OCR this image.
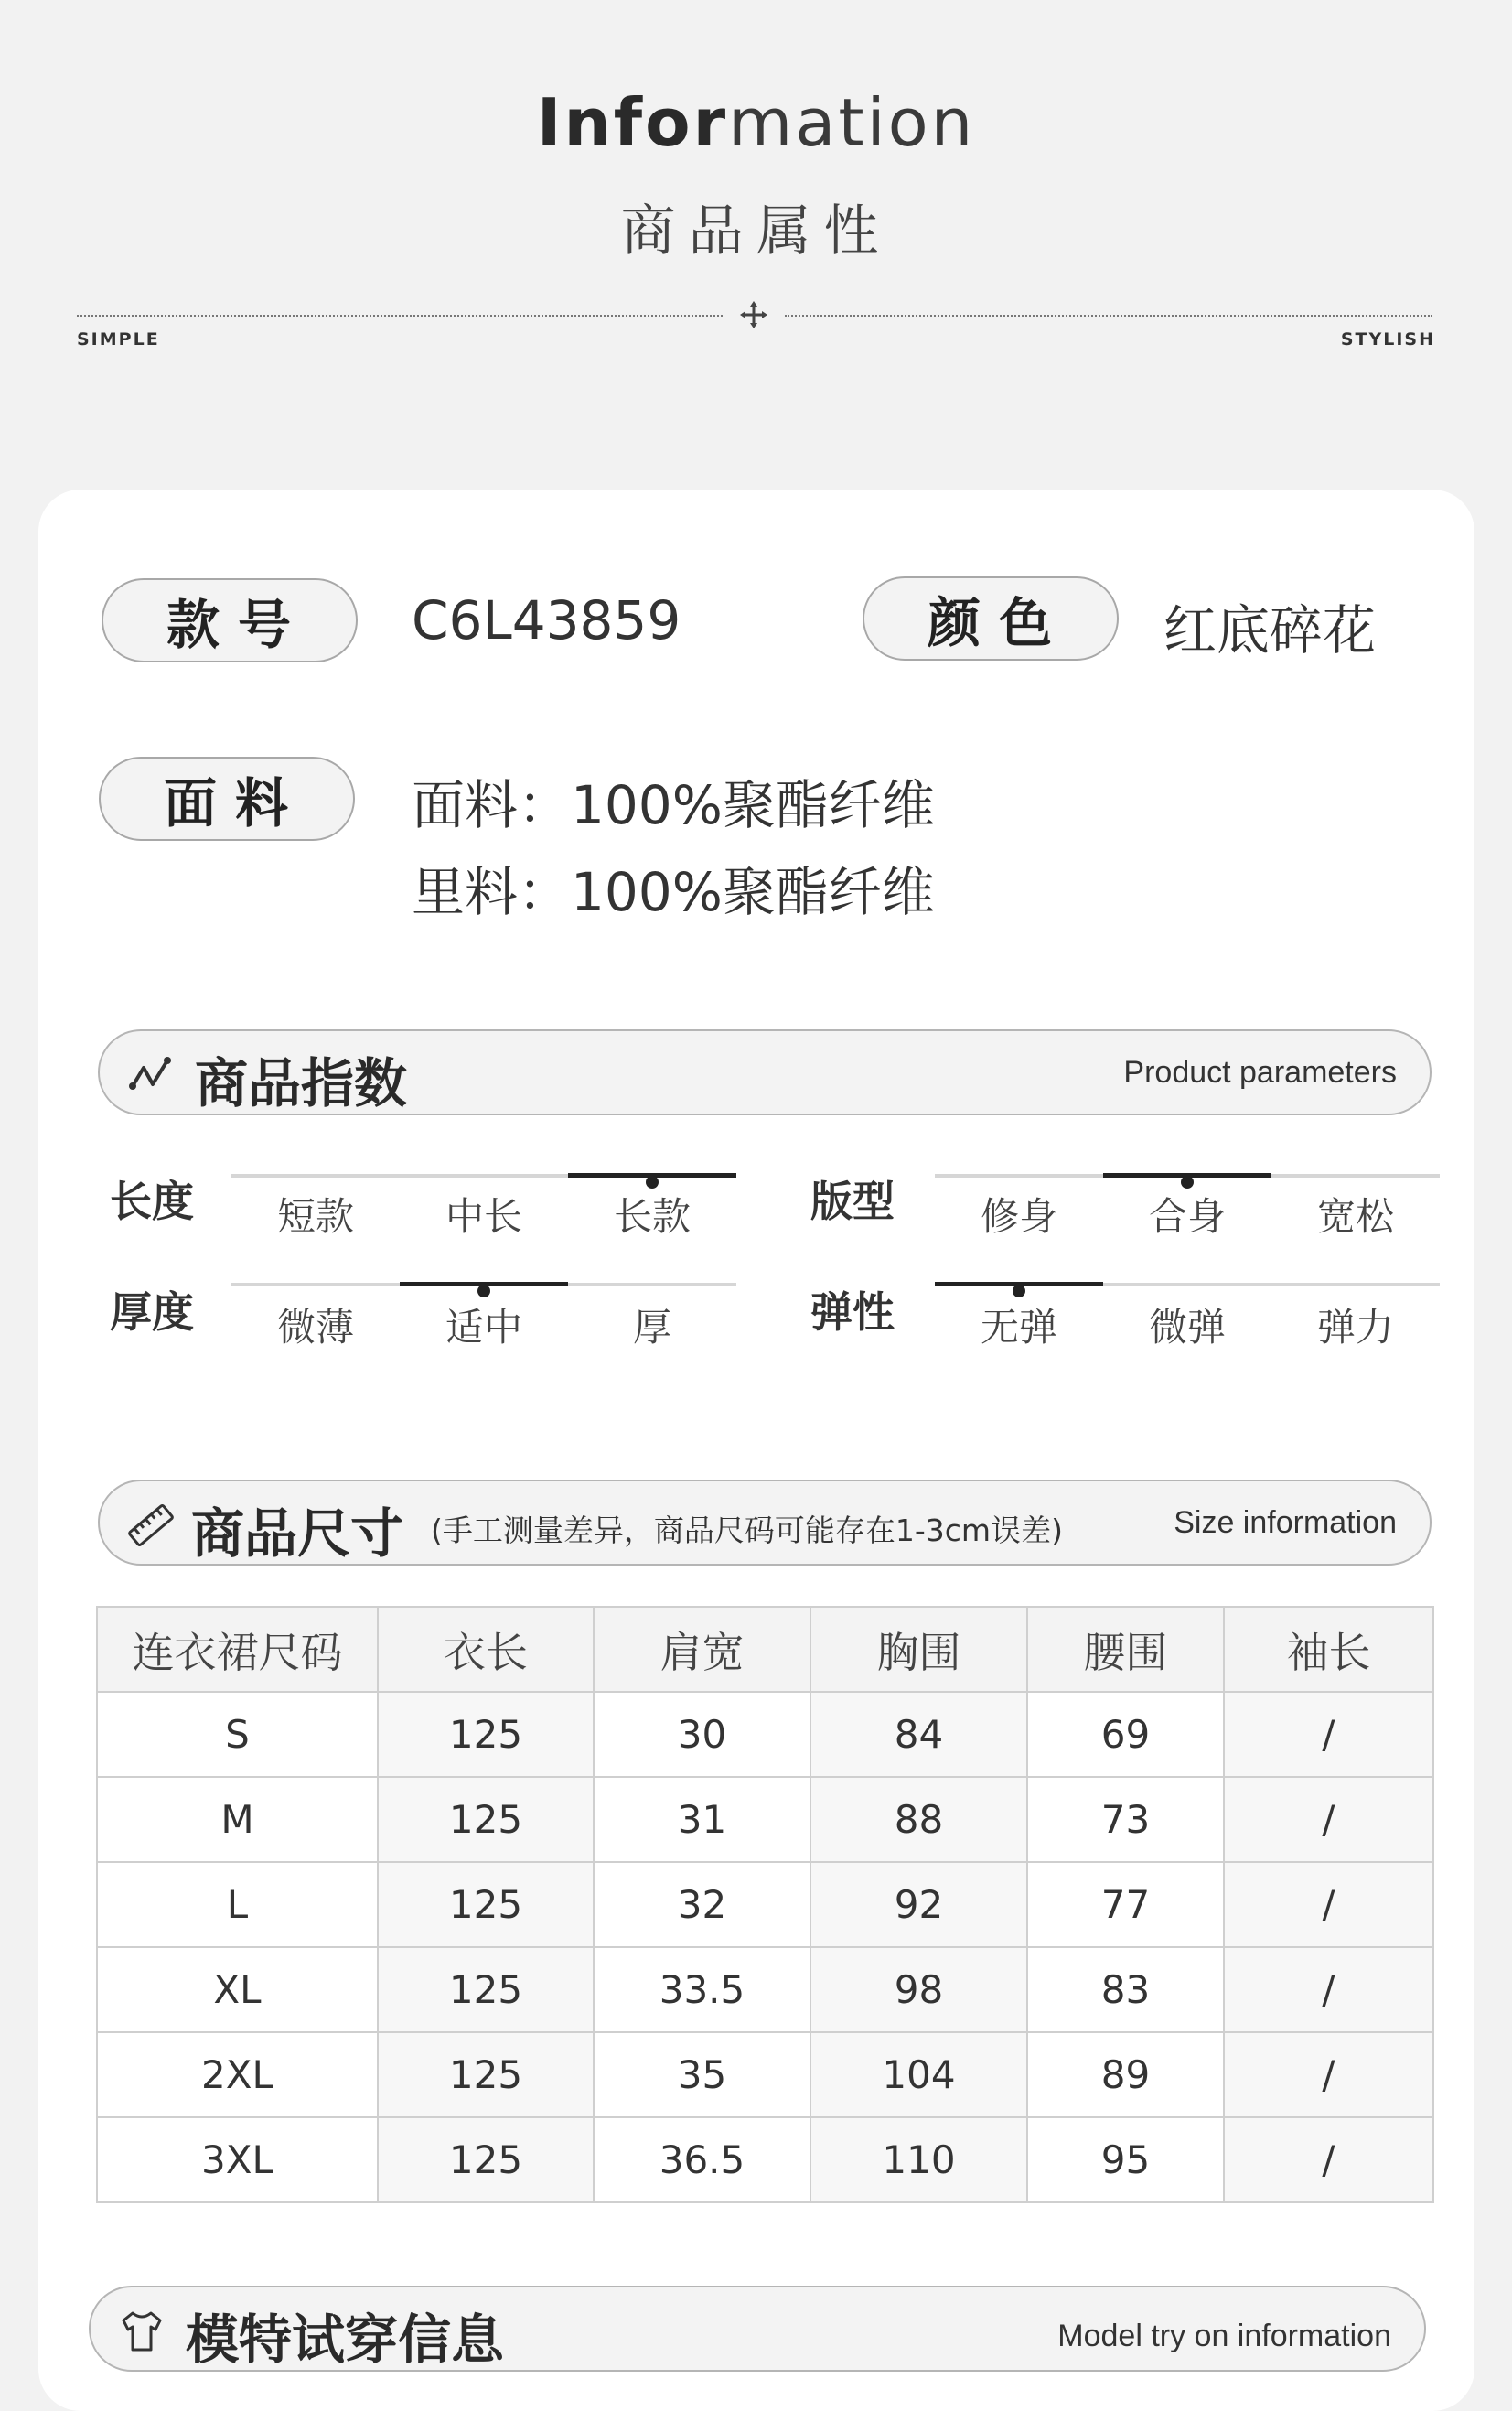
Information
商品属性
SIMPLE	STYLISH
款号	C6L43859	颜色	红底碎花
面料	面料：100%聚酯纤维
里料：100%聚酯纤维
商品指数	Product parameters
长度	短款	中长	长款	版型	修身	合身	宽松
厚度	微薄	适中	厚	弹性	无弹	微弹	弹力
商品尺寸 (手工测量差异，商品尺码可能存在1-3cm误差)	Size information
连衣裙尺码	衣长	肩宽	胸围	腰围	袖长
S	125	30	84	69	/
M	125	31	88	73	/
L	125	32	92	77	/
XL	125	33.5	98	83	/
2XL	125	35	104	89	/
3XL	125	36.5	110	95	/
模特试穿信息	Model try on information
